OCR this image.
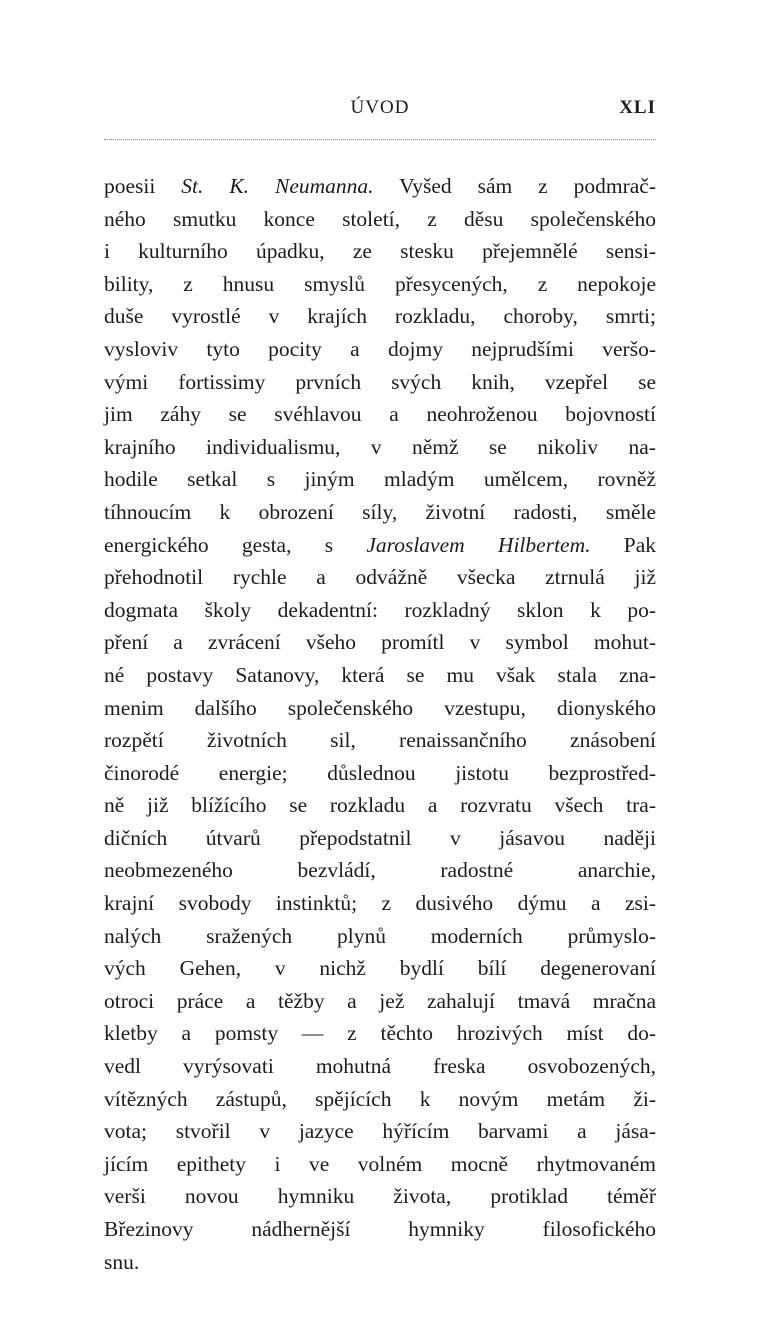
ÚVOD	XLI
poesii St. K. Neumanna. Vyšed sám z podmrač-
ného smutku konce století, z děsu společenského
i kulturního úpadku, ze stesku přejemnělé sensi-
bility, z hnusu smyslů přesycených, z nepokoje
duše vyrostlé v krajích rozkladu, choroby, smrti;
vysloviv tyto pocity a dojmy nejprudšími veršo-
vými fortissimy prvních svých knih, vzepřel se
jim záhy se svéhlavou a neohroženou bojovností
krajního individualismu, v němž se nikoliv na-
hodile setkal s jiným mladým umělcem, rovněž
tíhnoucím k obrození síly, životní radosti, směle
energického gesta, s Jaroslavem Hilbertem. Pak
přehodnotil rychle a odvážně všecka ztrnulá již
dogmata školy dekadentní: rozkladný sklon k po-
pření a zvrácení všeho promítl v symbol mohut-
né postavy Satanovy, která se mu však stala zna-
menim dalšího společenského vzestupu, dionyského
rozpětí životních sil, renaissančního znásobení
činorodé energie; důslednou jistotu bezprostřed-
ně již blížícího se rozkladu a rozvratu všech tra-
dičních útvarů přepodstatnil v jásavou naději
neobmezeného bezvládí, radostné anarchie,
krajní svobody instinktů; z dusivého dýmu a zsi-
nalých sražených plynů moderních průmyslo-
vých Gehen, v nichž bydlí bílí degenerovaní
otroci práce a těžby a jež zahalují tmavá mračna
kletby a pomsty — z těchto hrozivých míst do-
vedl vyrýsovati mohutná freska osvobozených,
vítězných zástupů, spějících k novým metám ži-
vota; stvořil v jazyce hýřícím barvami a jása-
jícím epithety i ve volném mocně rhytmovaném
verši novou hymniku života, protiklad téměř
Březinovy nádhernější hymniky filosofického
snu.
